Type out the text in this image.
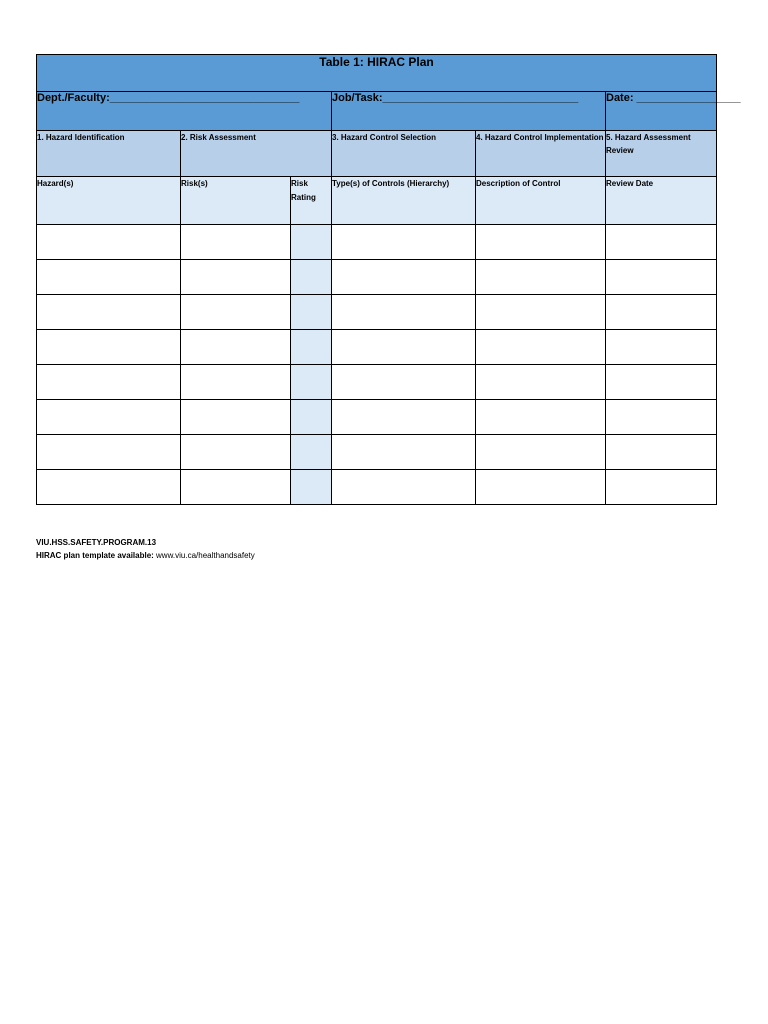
Table 1: HIRAC Plan					
Dept./Faculty:_______________________________			Job/Task:________________________________		Date: _________________
1. Hazard Identification	2. Risk Assessment		3. Hazard Control Selection	4. Hazard Control Implementation	5. Hazard Assessment Review
Hazard(s)	Risk(s)	Risk Rating	Type(s) of Controls (Hierarchy)	Description of Control	Review Date

VIU.HSS.SAFETY.PROGRAM.13
HIRAC plan template available: www.viu.ca/healthandsafety
